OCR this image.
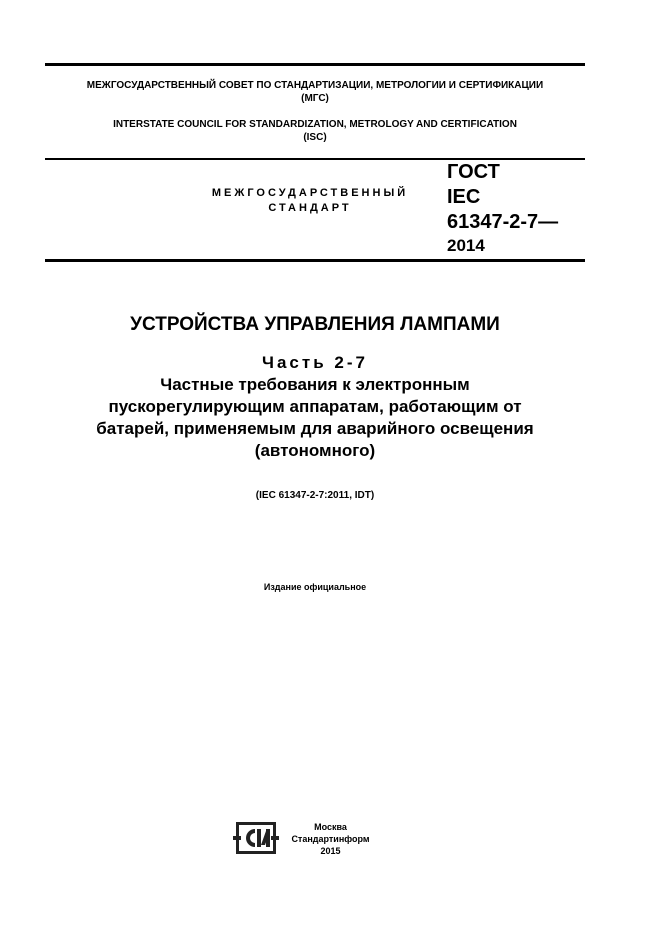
МЕЖГОСУДАРСТВЕННЫЙ СОВЕТ ПО СТАНДАРТИЗАЦИИ, МЕТРОЛОГИИ И СЕРТИФИКАЦИИ
(МГС)
INTERSTATE COUNCIL FOR STANDARDIZATION, METROLOGY AND CERTIFICATION
(ISC)
МЕЖГОСУДАРСТВЕННЫЙ
СТАНДАРТ
ГОСТ
IEC
61347-2-7—
2014
УСТРОЙСТВА УПРАВЛЕНИЯ ЛАМПАМИ
Часть 2-7
Частные требования к электронным
пускорегулирующим аппаратам, работающим от
батарей, применяемым для аварийного освещения
(автономного)
(IEC 61347-2-7:2011, IDT)
Издание официальное
Москва
Стандартинформ
2015
